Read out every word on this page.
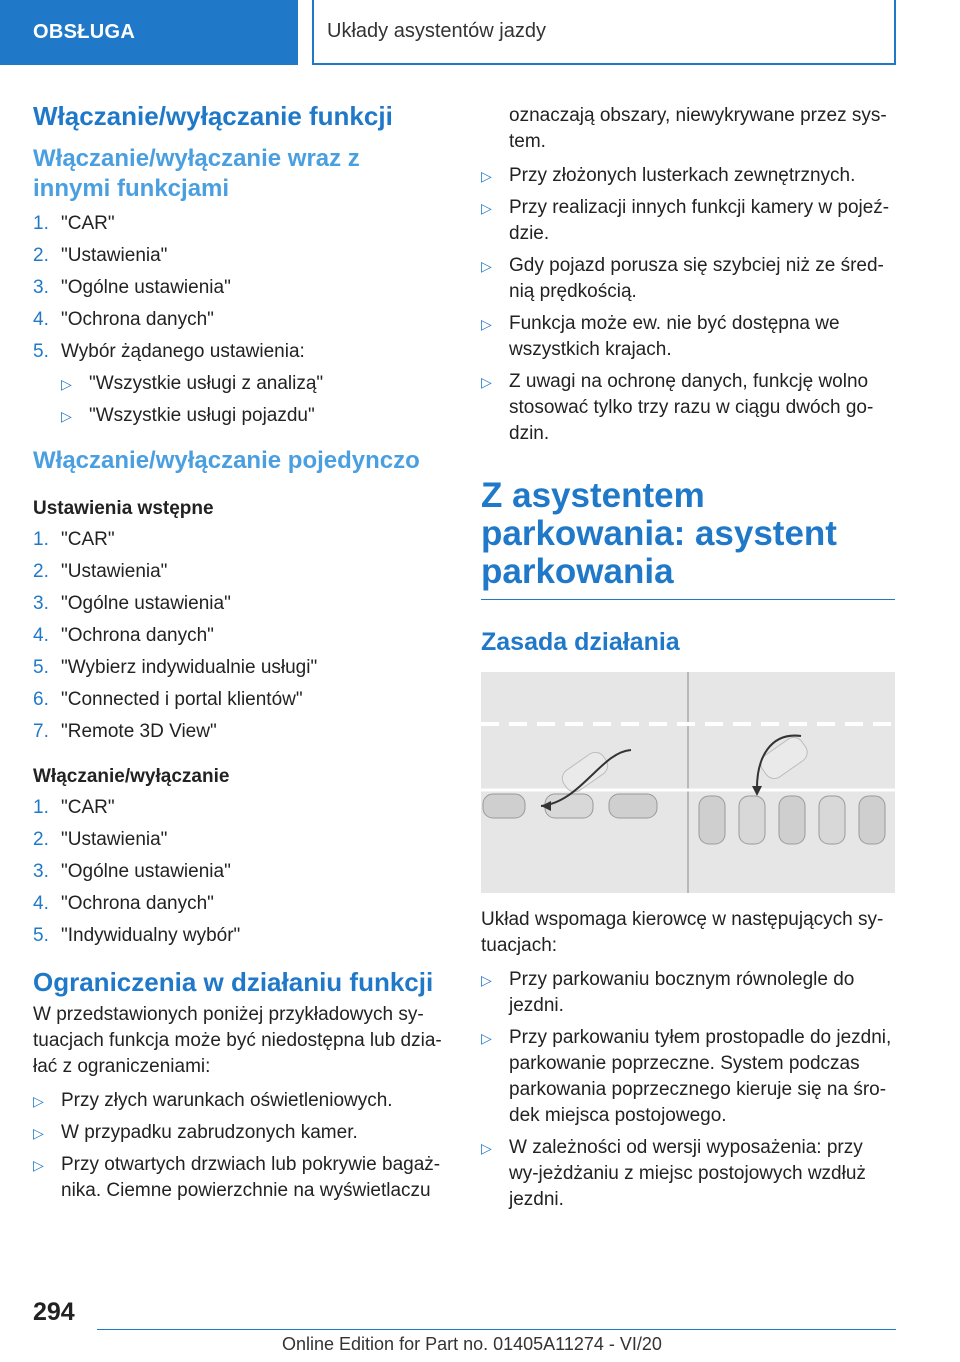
OBSŁUGA	Układy asystentów jazdy
Włączanie/wyłączanie funkcji
Włączanie/wyłączanie wraz z innymi funkcjami
1. "CAR"
2. "Ustawienia"
3. "Ogólne ustawienia"
4. "Ochrona danych"
5. Wybór żądanego ustawienia:
▷ "Wszystkie usługi z analizą"
▷ "Wszystkie usługi pojazdu"
Włączanie/wyłączanie pojedynczo
Ustawienia wstępne
1. "CAR"
2. "Ustawienia"
3. "Ogólne ustawienia"
4. "Ochrona danych"
5. "Wybierz indywidualnie usługi"
6. "Connected i portal klientów"
7. "Remote 3D View"
Włączanie/wyłączanie
1. "CAR"
2. "Ustawienia"
3. "Ogólne ustawienia"
4. "Ochrona danych"
5. "Indywidualny wybór"
Ograniczenia w działaniu funkcji

W przedstawionych poniżej przykładowych sy-tuacjach funkcja może być niedostępna lub dzia-łać z ograniczeniami:

▷ Przy złych warunkach oświetleniowych.
▷ W przypadku zabrudzonych kamer.
▷ Przy otwartych drzwiach lub pokrywie bagaż-nika. Ciemne powierzchnie na wyświetlaczu

oznaczają obszary, niewykrywane przez sys-tem.

▷ Przy złożonych lusterkach zewnętrznych.
▷ Przy realizacji innych funkcji kamery w pojeź-dzie.
▷ Gdy pojazd porusza się szybciej niż ze śred-nią prędkością.
▷ Funkcja może ew. nie być dostępna we wszystkich krajach.
▷ Z uwagi na ochronę danych, funkcję wolno stosować tylko trzy razu w ciągu dwóch go-dzin.
Z asystentem parkowania: asystent parkowania
Zasada działania

Układ wspomaga kierowcę w następujących sy-tuacjach:

▷ Przy parkowaniu bocznym równolegle do jezdni.
▷ Przy parkowaniu tyłem prostopadle do jezdni, parkowanie poprzeczne. System podczas parkowania poprzecznego kieruje się na śro-dek miejsca postojowego.
▷ W zależności od wersji wyposażenia: przy wy-jeżdżaniu z miejsc postojowych wzdłuż jezdni.
294
Online Edition for Part no. 01405A11274 - VI/20
